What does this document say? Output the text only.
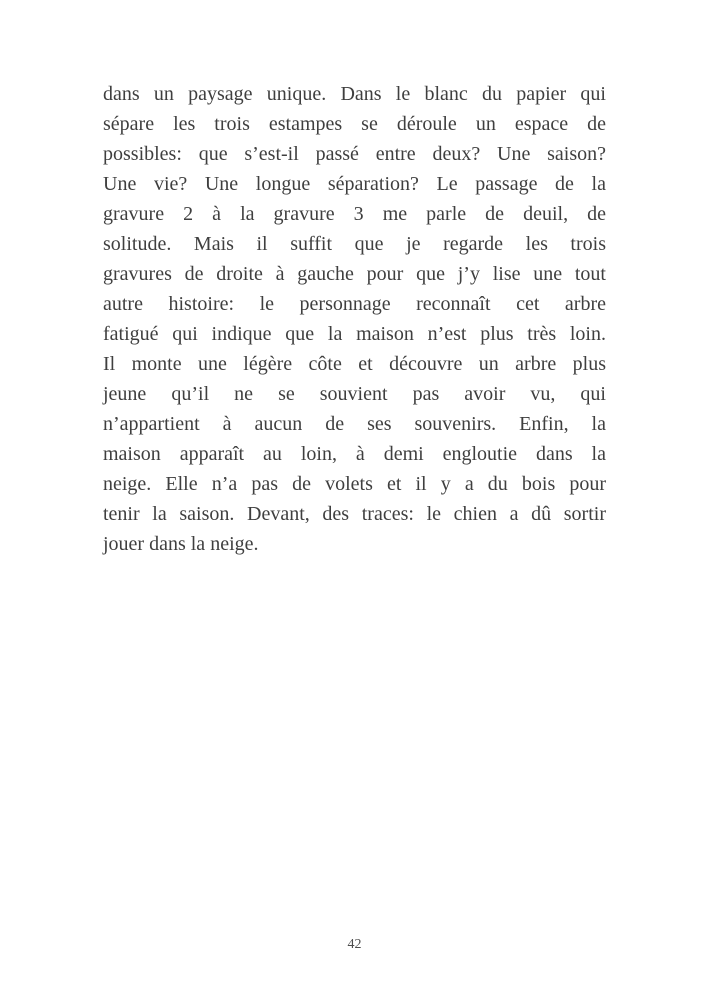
dans un paysage unique. Dans le blanc du papier qui
sépare les trois estampes se déroule un espace de
possibles: que s’est-il passé entre deux? Une saison?
Une vie? Une longue séparation? Le passage de la
gravure 2 à la gravure 3 me parle de deuil, de
solitude. Mais il suffit que je regarde les trois
gravures de droite à gauche pour que j’y lise une tout
autre histoire: le personnage reconnaît cet arbre
fatigué qui indique que la maison n’est plus très loin.
Il monte une légère côte et découvre un arbre plus
jeune qu’il ne se souvient pas avoir vu, qui
n’appartient à aucun de ses souvenirs. Enfin, la
maison apparaît au loin, à demi engloutie dans la
neige. Elle n’a pas de volets et il y a du bois pour
tenir la saison. Devant, des traces: le chien a dû sortir
jouer dans la neige.
42
